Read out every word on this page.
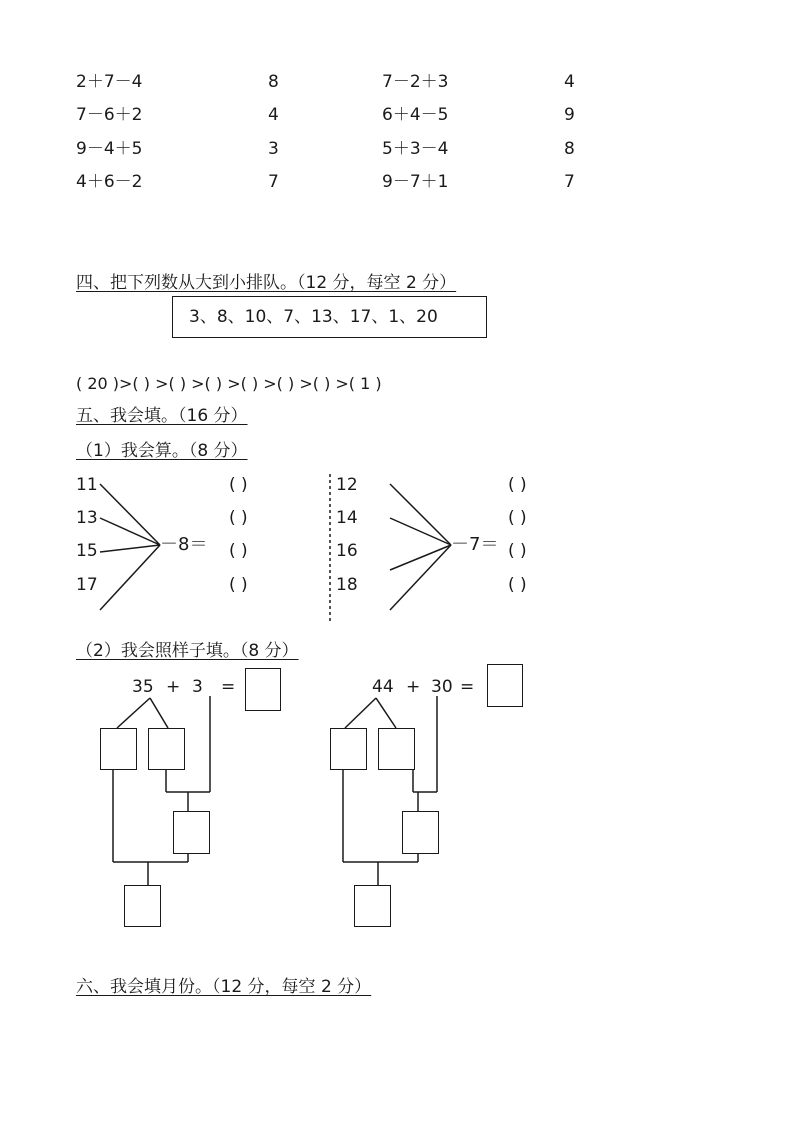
2＋7－4	8	7－2＋3	4
7－6＋2	4	6＋4－5	9
9－4＋5	3	5＋3－4	8
4＋6－2	7	9－7＋1	7
四、把下列数从大到小排队。（12 分，每空 2 分）
3、8、10、7、13、17、1、20
( 20 )>( ) >( ) >( ) >( ) >( ) >( ) >( 1 )
五、我会填。（16 分）
（1）我会算。（8 分）
11
13
15
17
－8＝
( )
( )
( )
( )
12
14
16
18
－7＝
( )
( )
( )
( )
（2）我会照样子填。（8 分）
35 + 3 =	44 + 30 =
六、我会填月份。（12 分，每空 2 分）
